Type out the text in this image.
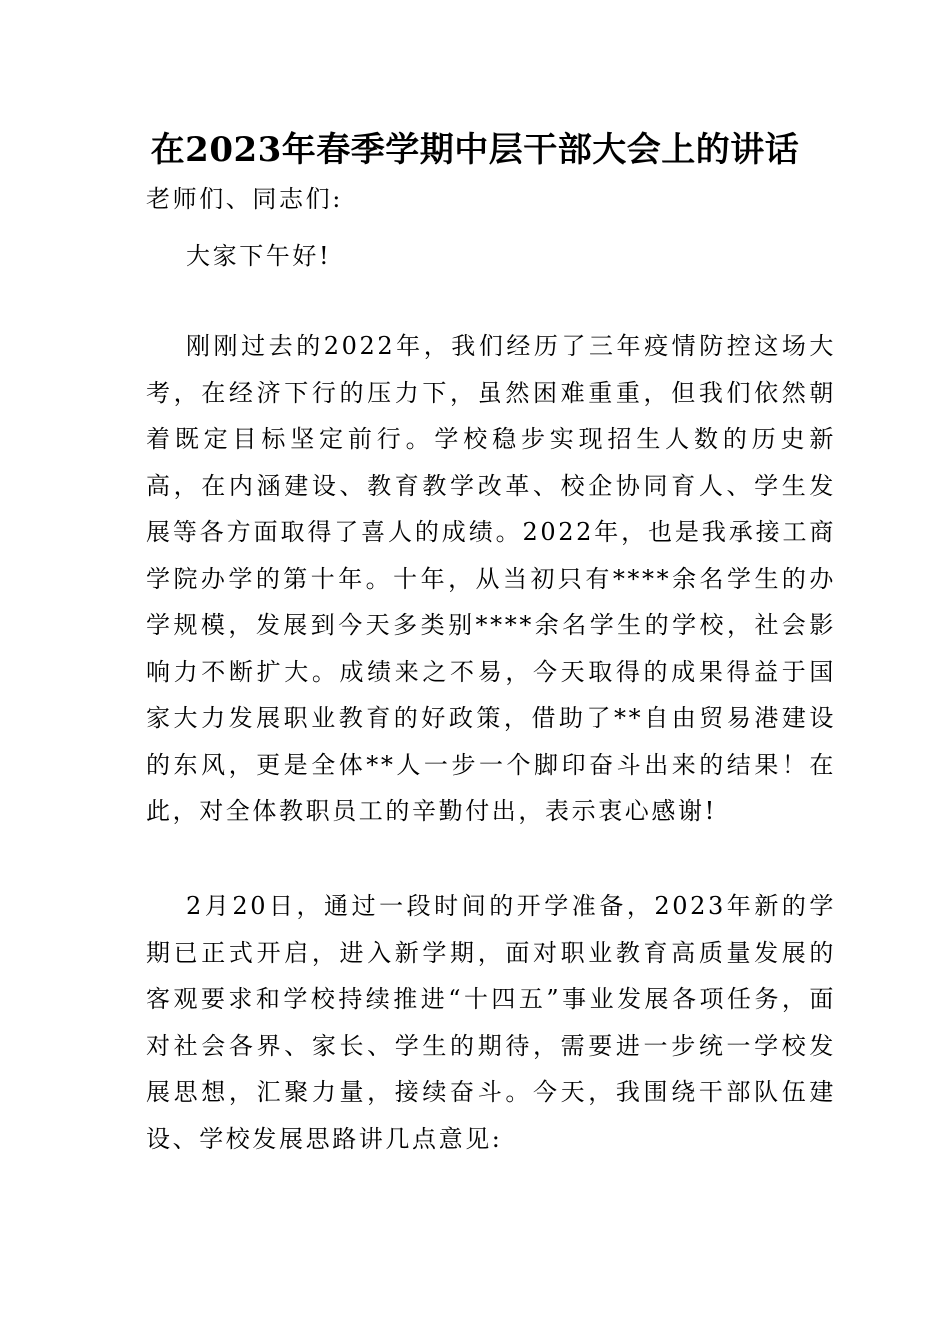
在2023年春季学期中层干部大会上的讲话

老师们、同志们:

大家下午好!

刚刚过去的2022年，我们经历了三年疫情防控这场大考，在经济下行的压力下，虽然困难重重，但我们依然朝着既定目标坚定前行。学校稳步实现招生人数的历史新高，在内涵建设、教育教学改革、校企协同育人、学生发展等各方面取得了喜人的成绩。2022年，也是我承接工商学院办学的第十年。十年，从当初只有****余名学生的办学规模，发展到今天多类别****余名学生的学校，社会影响力不断扩大。成绩来之不易，今天取得的成果得益于国家大力发展职业教育的好政策，借助了**自由贸易港建设的东风，更是全体**人一步一个脚印奋斗出来的结果！在此，对全体教职员工的辛勤付出，表示衷心感谢!

2月20日，通过一段时间的开学准备，2023年新的学期已正式开启，进入新学期，面对职业教育高质量发展的客观要求和学校持续推进“十四五”事业发展各项任务，面对社会各界、家长、学生的期待，需要进一步统一学校发展思想，汇聚力量，接续奋斗。今天，我围绕干部队伍建设、学校发展思路讲几点意见:
